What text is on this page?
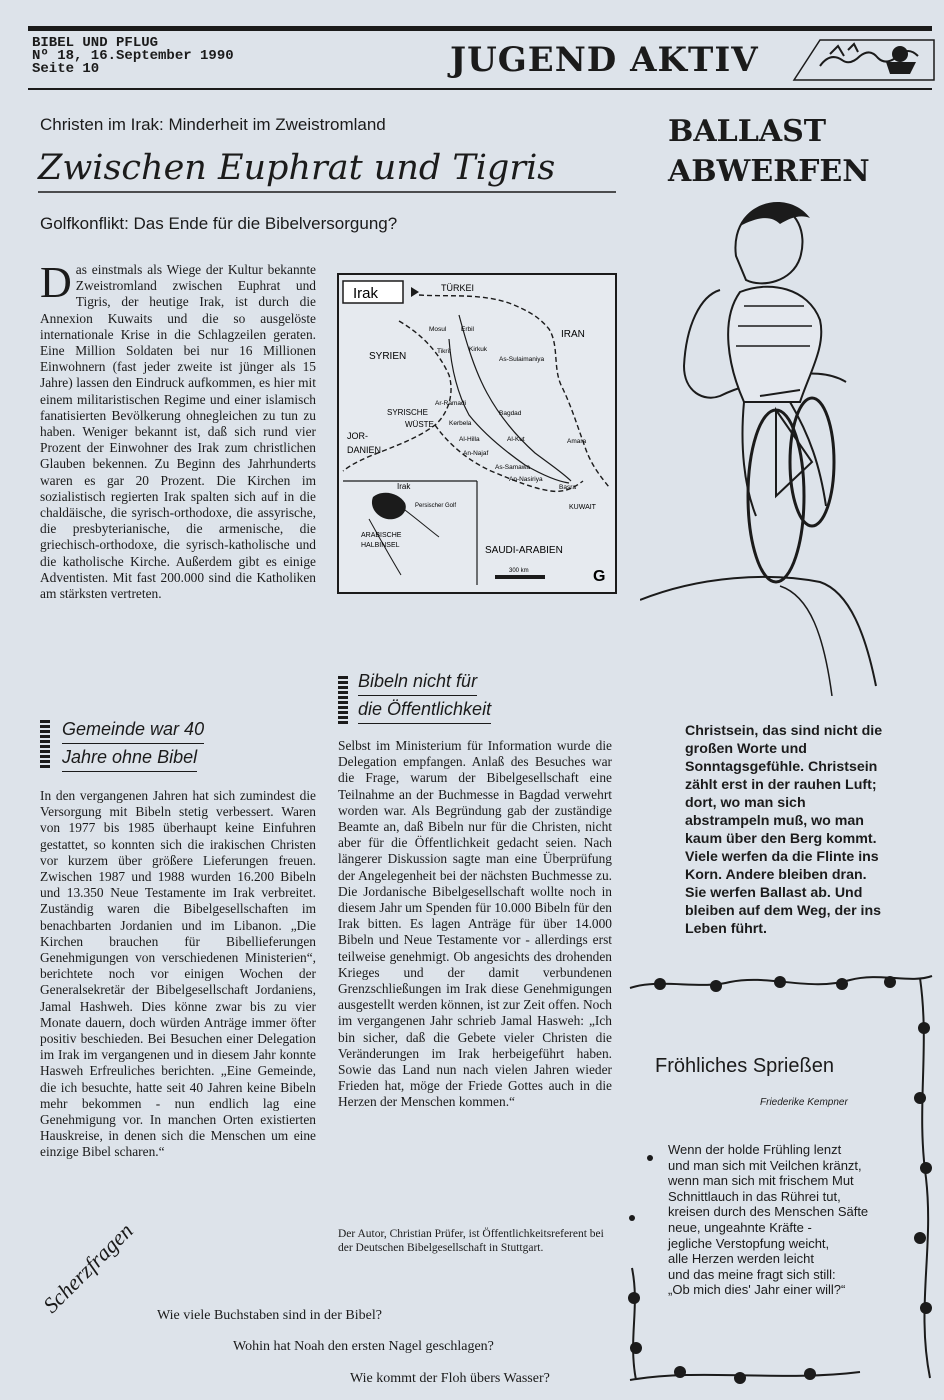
BIBEL UND PFLUG
Nº 18, 16.September 1990
Seite 10	JUGEND AKTIV
Christen im Irak: Minderheit im Zweistromland
Zwischen Euphrat und Tigris
Golfkonflikt: Das Ende für die Bibelversorgung?
Das einstmals als Wiege der Kultur bekannte Zweistromland zwischen Euphrat und Tigris, der heutige Irak, ist durch die Annexion Kuwaits und die so ausgelöste internationale Krise in die Schlagzeilen geraten. Eine Million Soldaten bei nur 16 Millionen Einwohnern (fast jeder zweite ist jünger als 15 Jahre) lassen den Eindruck aufkommen, es hier mit einem militaristischen Regime und einer islamisch fanatisierten Bevölkerung ohnegleichen zu tun zu haben. Weniger bekannt ist, daß sich rund vier Prozent der Einwohner des Irak zum christlichen Glauben bekennen. Zu Beginn des Jahrhunderts waren es gar 20 Prozent. Die Kirchen im sozialistisch regierten Irak spalten sich auf in die chaldäische, die syrisch-orthodoxe, die assyrische, die presbyterianische, die armenische, die griechisch-orthodoxe, die syrisch-katholische und die katholische Kirche. Außerdem gibt es einige Adventisten. Mit fast 200.000 sind die Katholiken am stärksten vertreten.
Gemeinde war 40
Jahre ohne Bibel
In den vergangenen Jahren hat sich zumindest die Versorgung mit Bibeln stetig verbessert. Waren von 1977 bis 1985 überhaupt keine Einfuhren gestattet, so konnten sich die irakischen Christen vor kurzem über größere Lieferungen freuen. Zwischen 1987 und 1988 wurden 16.200 Bibeln und 13.350 Neue Testamente im Irak verbreitet. Zuständig waren die Bibelgesellschaften im benachbarten Jordanien und im Libanon. „Die Kirchen brauchen für Bibellieferungen Genehmigungen von verschiedenen Ministerien“, berichtete noch vor einigen Wochen der Generalsekretär der Bibelgesellschaft Jordaniens, Jamal Hashweh. Dies könne zwar bis zu vier Monate dauern, doch würden Anträge immer öfter positiv beschieden. Bei Besuchen einer Delegation im Irak im vergangenen und in diesem Jahr konnte Hasweh Erfreuliches berichten. „Eine Gemeinde, die ich besuchte, hatte seit 40 Jahren keine Bibeln mehr bekommen - nun endlich lag eine Genehmigung vor. In manchen Orten existierten Hauskreise, in denen sich die Menschen um eine einzige Bibel scharen.“
Irak	TÜRKEI
IRAN
SYRIEN
SYRISCHE
WÜSTE
JOR-
DANIEN
SAUDI-ARABIEN
KUWAIT
Mosul Erbil
Kirkuk
Tikrit
As-Sulaimaniya
Ar-Ramadi
Bagdad
Kerbela
Al-Hilla	Al-Kut
An-Najaf
Amara
As-Samawa
An-Nasiriya
Basra
Irak
Persischer Golf
ARABISCHE
HALBINSEL
300 km	G
Bibeln nicht für
die Öffentlichkeit
Selbst im Ministerium für Information wurde die Delegation empfangen. Anlaß des Besuches war die Frage, warum der Bibelgesellschaft eine Teilnahme an der Buchmesse in Bagdad verwehrt worden war. Als Begründung gab der zuständige Beamte an, daß Bibeln nur für die Christen, nicht aber für die Öffentlichkeit gedacht seien. Nach längerer Diskussion sagte man eine Überprüfung der Angelegenheit bei der nächsten Buchmesse zu. Die Jordanische Bibelgesellschaft wollte noch in diesem Jahr um Spenden für 10.000 Bibeln für den Irak bitten. Es lagen Anträge für über 14.000 Bibeln und Neue Testamente vor - allerdings erst teilweise genehmigt. Ob angesichts des drohenden Krieges und der damit verbundenen Grenzschließungen im Irak diese Genehmigungen ausgestellt werden können, ist zur Zeit offen. Noch im vergangenen Jahr schrieb Jamal Hasweh: „Ich bin sicher, daß die Gebete vieler Christen die Veränderungen im Irak herbeigeführt haben. Sowie das Land nun nach vielen Jahren wieder Frieden hat, möge der Friede Gottes auch in die Herzen der Menschen kommen.“
Der Autor, Christian Prüfer, ist Öffentlichkeitsreferent bei der Deutschen Bibelgesellschaft in Stuttgart.
BALLAST
ABWERFEN
Christsein, das sind nicht die großen Worte und Sonntagsgefühle. Christsein zählt erst in der rauhen Luft; dort, wo man sich abstrampeln muß, wo man kaum über den Berg kommt. Viele werfen da die Flinte ins Korn. Andere bleiben dran. Sie werfen Ballast ab. Und bleiben auf dem Weg, der ins Leben führt.
Fröhliches Sprießen
Friederike Kempner
Wenn der holde Frühling lenzt
und man sich mit Veilchen kränzt,
wenn man sich mit frischem Mut
Schnittlauch in das Rührei tut,
kreisen durch des Menschen Säfte
neue, ungeahnte Kräfte -
jegliche Verstopfung weicht,
alle Herzen werden leicht
und das meine fragt sich still:
„Ob mich dies' Jahr einer will?“
Scherzfragen Wie viele Buchstaben sind in der Bibel?
Wohin hat Noah den ersten Nagel geschlagen?
Wie kommt der Floh übers Wasser?
